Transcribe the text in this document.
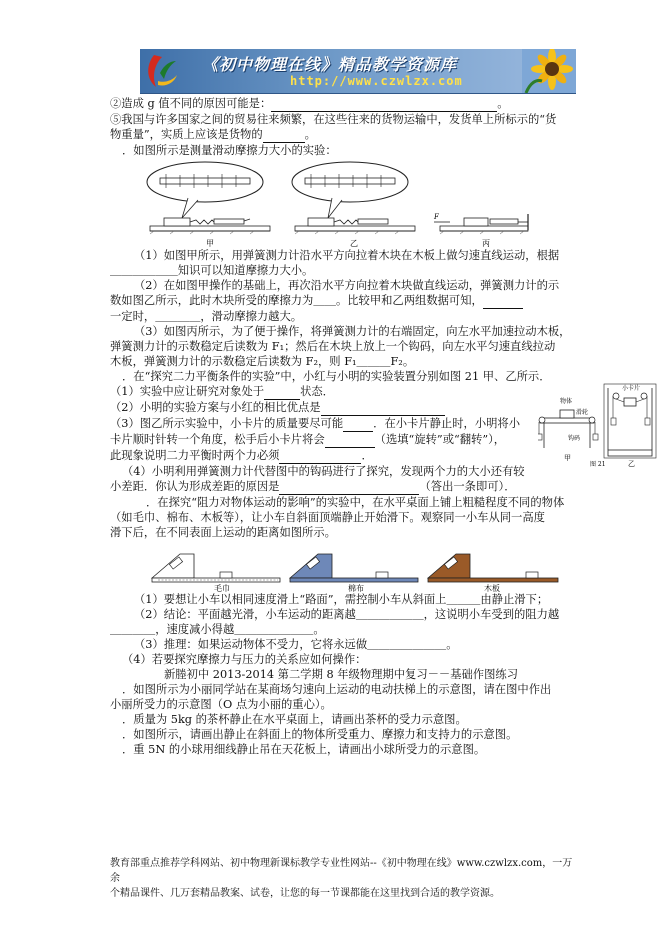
《初中物理在线》精品教学资源库
http://www.czwlzx.com

②造成 g 值不同的原因可能是：	。

⑤我国与许多国家之间的贸易往来频繁，在这些往来的货物运输中，发货单上所标示的“货

物重量”，实质上应该是货物的	。

．如图所示是测量滑动摩擦力大小的实验：

F
甲	乙	丙

（1）如图甲所示，用弹簧测力计沿水平方向拉着木块在木板上做匀速直线运动，根据

＿＿＿＿＿＿知识可以知道摩擦力大小。

（2）在如图甲操作的基础上，再次沿水平方向拉着木块做直线运动，弹簧测力计的示

数如图乙所示，此时木块所受的摩擦力为＿＿。比较甲和乙两组数据可知，

一定时，＿＿＿＿，滑动摩擦力越大。

（3）如图丙所示，为了便于操作，将弹簧测力计的右端固定，向左水平加速拉动木板，

弹簧测力计的示数稳定后读数为 F₁；然后在木块上放上一个钩码，向左水平匀速直线拉动

木板，弹簧测力计的示数稳定后读数为 F₂，则 F₁＿＿＿F₂。

．在“探究二力平衡条件的实验”中，小红与小明的实验装置分别如图 21 甲、乙所示．

（1）实验中应让研究对象处于	状态．

（2）小明的实验方案与小红的相比优点是

（3）图乙所示实验中，小卡片的质量要尽可能	．在小卡片静止时，小明将小

卡片顺时针转一个角度，松手后小卡片将会	（选填“旋转”或“翻转”），

此现象说明二力平衡时两个力必须	．

（4）小明利用弹簧测力计代替图中的钩码进行了探究，发现两个力的大小还有较

小差距．你认为形成差距的原因是	（答出一条即可）．

物体
滑轮
钩码
甲
小卡片
乙
图 21

．在探究“阻力对物体运动的影响”的实验中，在水平桌面上铺上粗糙程度不同的物体

（如毛巾、棉布、木板等），让小车自斜面顶端静止开始滑下。观察同一小车从同一高度

滑下后，在不同表面上运动的距离如图所示。

毛巾	棉布	木板

（1）要想让小车以相同速度滑上“路面”，需控制小车从斜面上＿＿＿由静止滑下；

（2）结论：平面越光滑，小车运动的距离越＿＿＿＿＿＿，这说明小车受到的阻力越

＿＿＿＿，速度减小得越＿＿＿＿＿＿＿。

（3）推理：如果运动物体不受力，它将永远做＿＿＿＿＿＿＿。

（4）若要探究摩擦力与压力的关系应如何操作：

新塍初中 2013-2014 第二学期 8 年级物理期中复习－－基础作图练习

．如图所示为小丽同学站在某商场匀速向上运动的电动扶梯上的示意图，请在图中作出

小丽所受力的示意图（O 点为小丽的重心）。

．质量为 5kg 的茶杯静止在水平桌面上，请画出茶杯的受力示意图。

．如图所示，请画出静止在斜面上的物体所受重力、摩擦力和支持力的示意图。

．重 5N 的小球用细线静止吊在天花板上，请画出小球所受力的示意图。

教育部重点推荐学科网站、初中物理新课标教学专业性网站--《初中物理在线》www.czwlzx.com，一万余
个精品课件、几万套精品教案、试卷，让您的每一节课都能在这里找到合适的教学资源。
